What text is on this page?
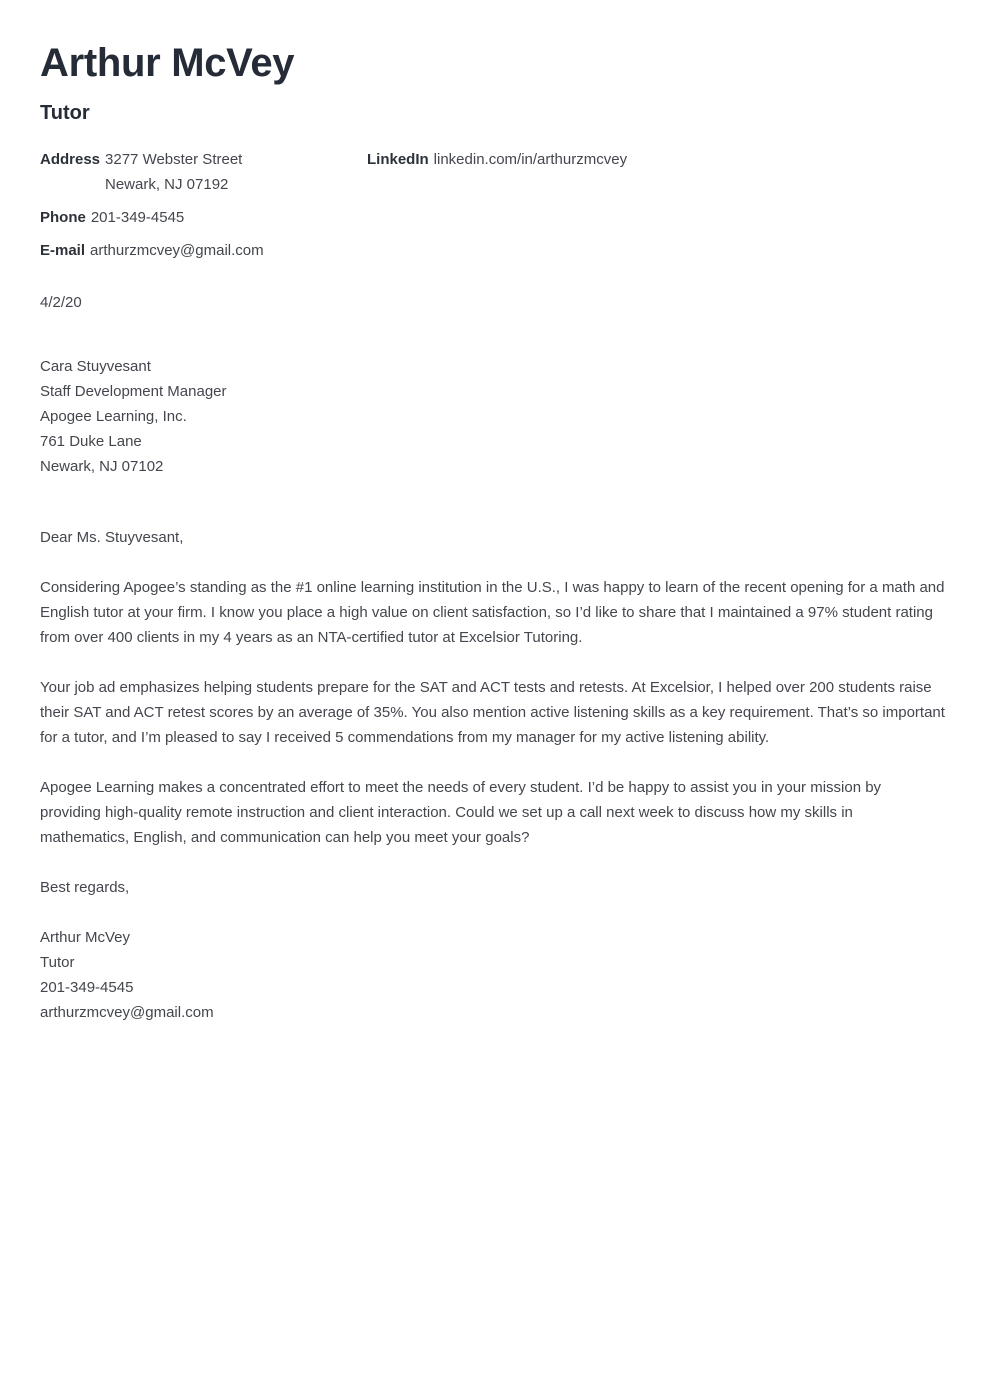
Arthur McVey
Tutor
Address 3277 Webster Street
Newark, NJ 07192
Phone 201-349-4545
E-mail arthurzmcvey@gmail.com
LinkedIn linkedin.com/in/arthurzmcvey
4/2/20
Cara Stuyvesant
Staff Development Manager
Apogee Learning, Inc.
761 Duke Lane
Newark, NJ 07102
Dear Ms. Stuyvesant,

Considering Apogee’s standing as the #1 online learning institution in the U.S., I was happy to learn of the recent opening for a math and English tutor at your firm. I know you place a high value on client satisfaction, so I’d like to share that I maintained a 97% student rating from over 400 clients in my 4 years as an NTA-certified tutor at Excelsior Tutoring.

Your job ad emphasizes helping students prepare for the SAT and ACT tests and retests. At Excelsior, I helped over 200 students raise their SAT and ACT retest scores by an average of 35%. You also mention active listening skills as a key requirement. That’s so important for a tutor, and I’m pleased to say I received 5 commendations from my manager for my active listening ability.

Apogee Learning makes a concentrated effort to meet the needs of every student. I’d be happy to assist you in your mission by providing high-quality remote instruction and client interaction. Could we set up a call next week to discuss how my skills in mathematics, English, and communication can help you meet your goals?

Best regards,
Arthur McVey
Tutor
201-349-4545
arthurzmcvey@gmail.com
